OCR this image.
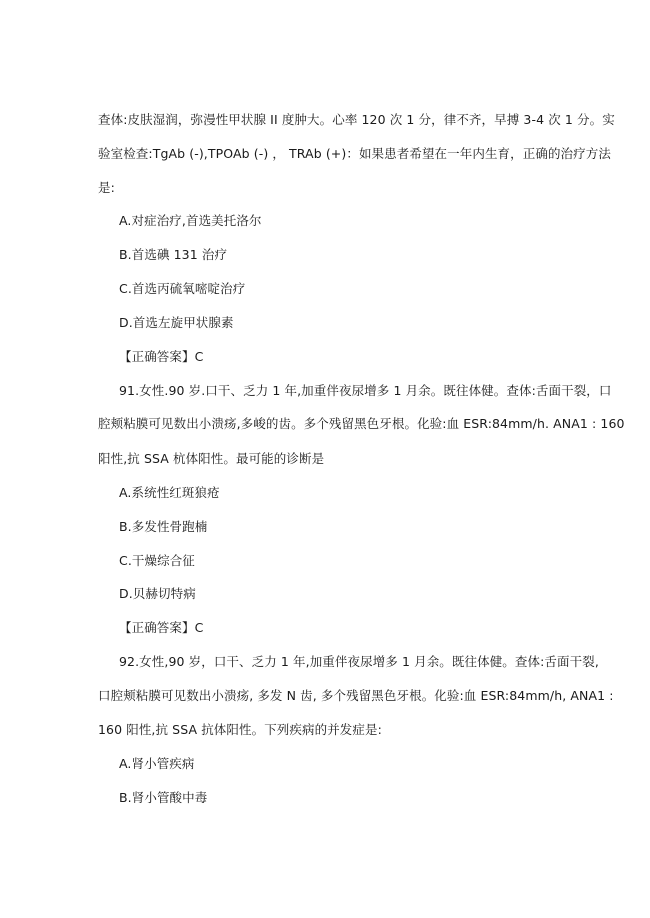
查体:皮肤湿润，弥漫性甲状腺 II 度肿大。心率 120 次 1 分，律不齐，早搏 3-4 次 1 分。实
验室检查:TgAb (-),TPOAb (-) ， TRAb (+)：如果患者希望在一年内生育，正确的治疗方法
是:
A.对症治疗,首选美托洛尔
B.首选碘 131 治疗
C.首选丙硫氧嘧啶治疗
D.首选左旋甲状腺素
【正确答案】C
91.女性.90 岁.口干、乏力 1 年,加重伴夜尿增多 1 月余。既往体健。查体:舌面干裂，口
腔颊粘膜可见数出小溃疡,多峻的齿。多个残留黑色牙根。化验:血 ESR:84mm/h. ANA1 : 160
阳性,抗 SSA 杭体阳性。最可能的诊断是
A.系统性红斑狼疮
B.多发性骨跑楠
C.干燥综合征
D.贝赫切特病
【正确答案】C
92.女性,90 岁，口干、乏力 1 年,加重伴夜尿增多 1 月余。既往体健。查体:舌面干裂,
口腔颊粘膜可见数出小溃疡, 多发 N 齿, 多个残留黑色牙根。化验:血 ESR:84mm/h, ANA1 :
160 阳性,抗 SSA 抗体阳性。下列疾病的并发症是:
A.肾小管疾病
B.肾小管酸中毒
